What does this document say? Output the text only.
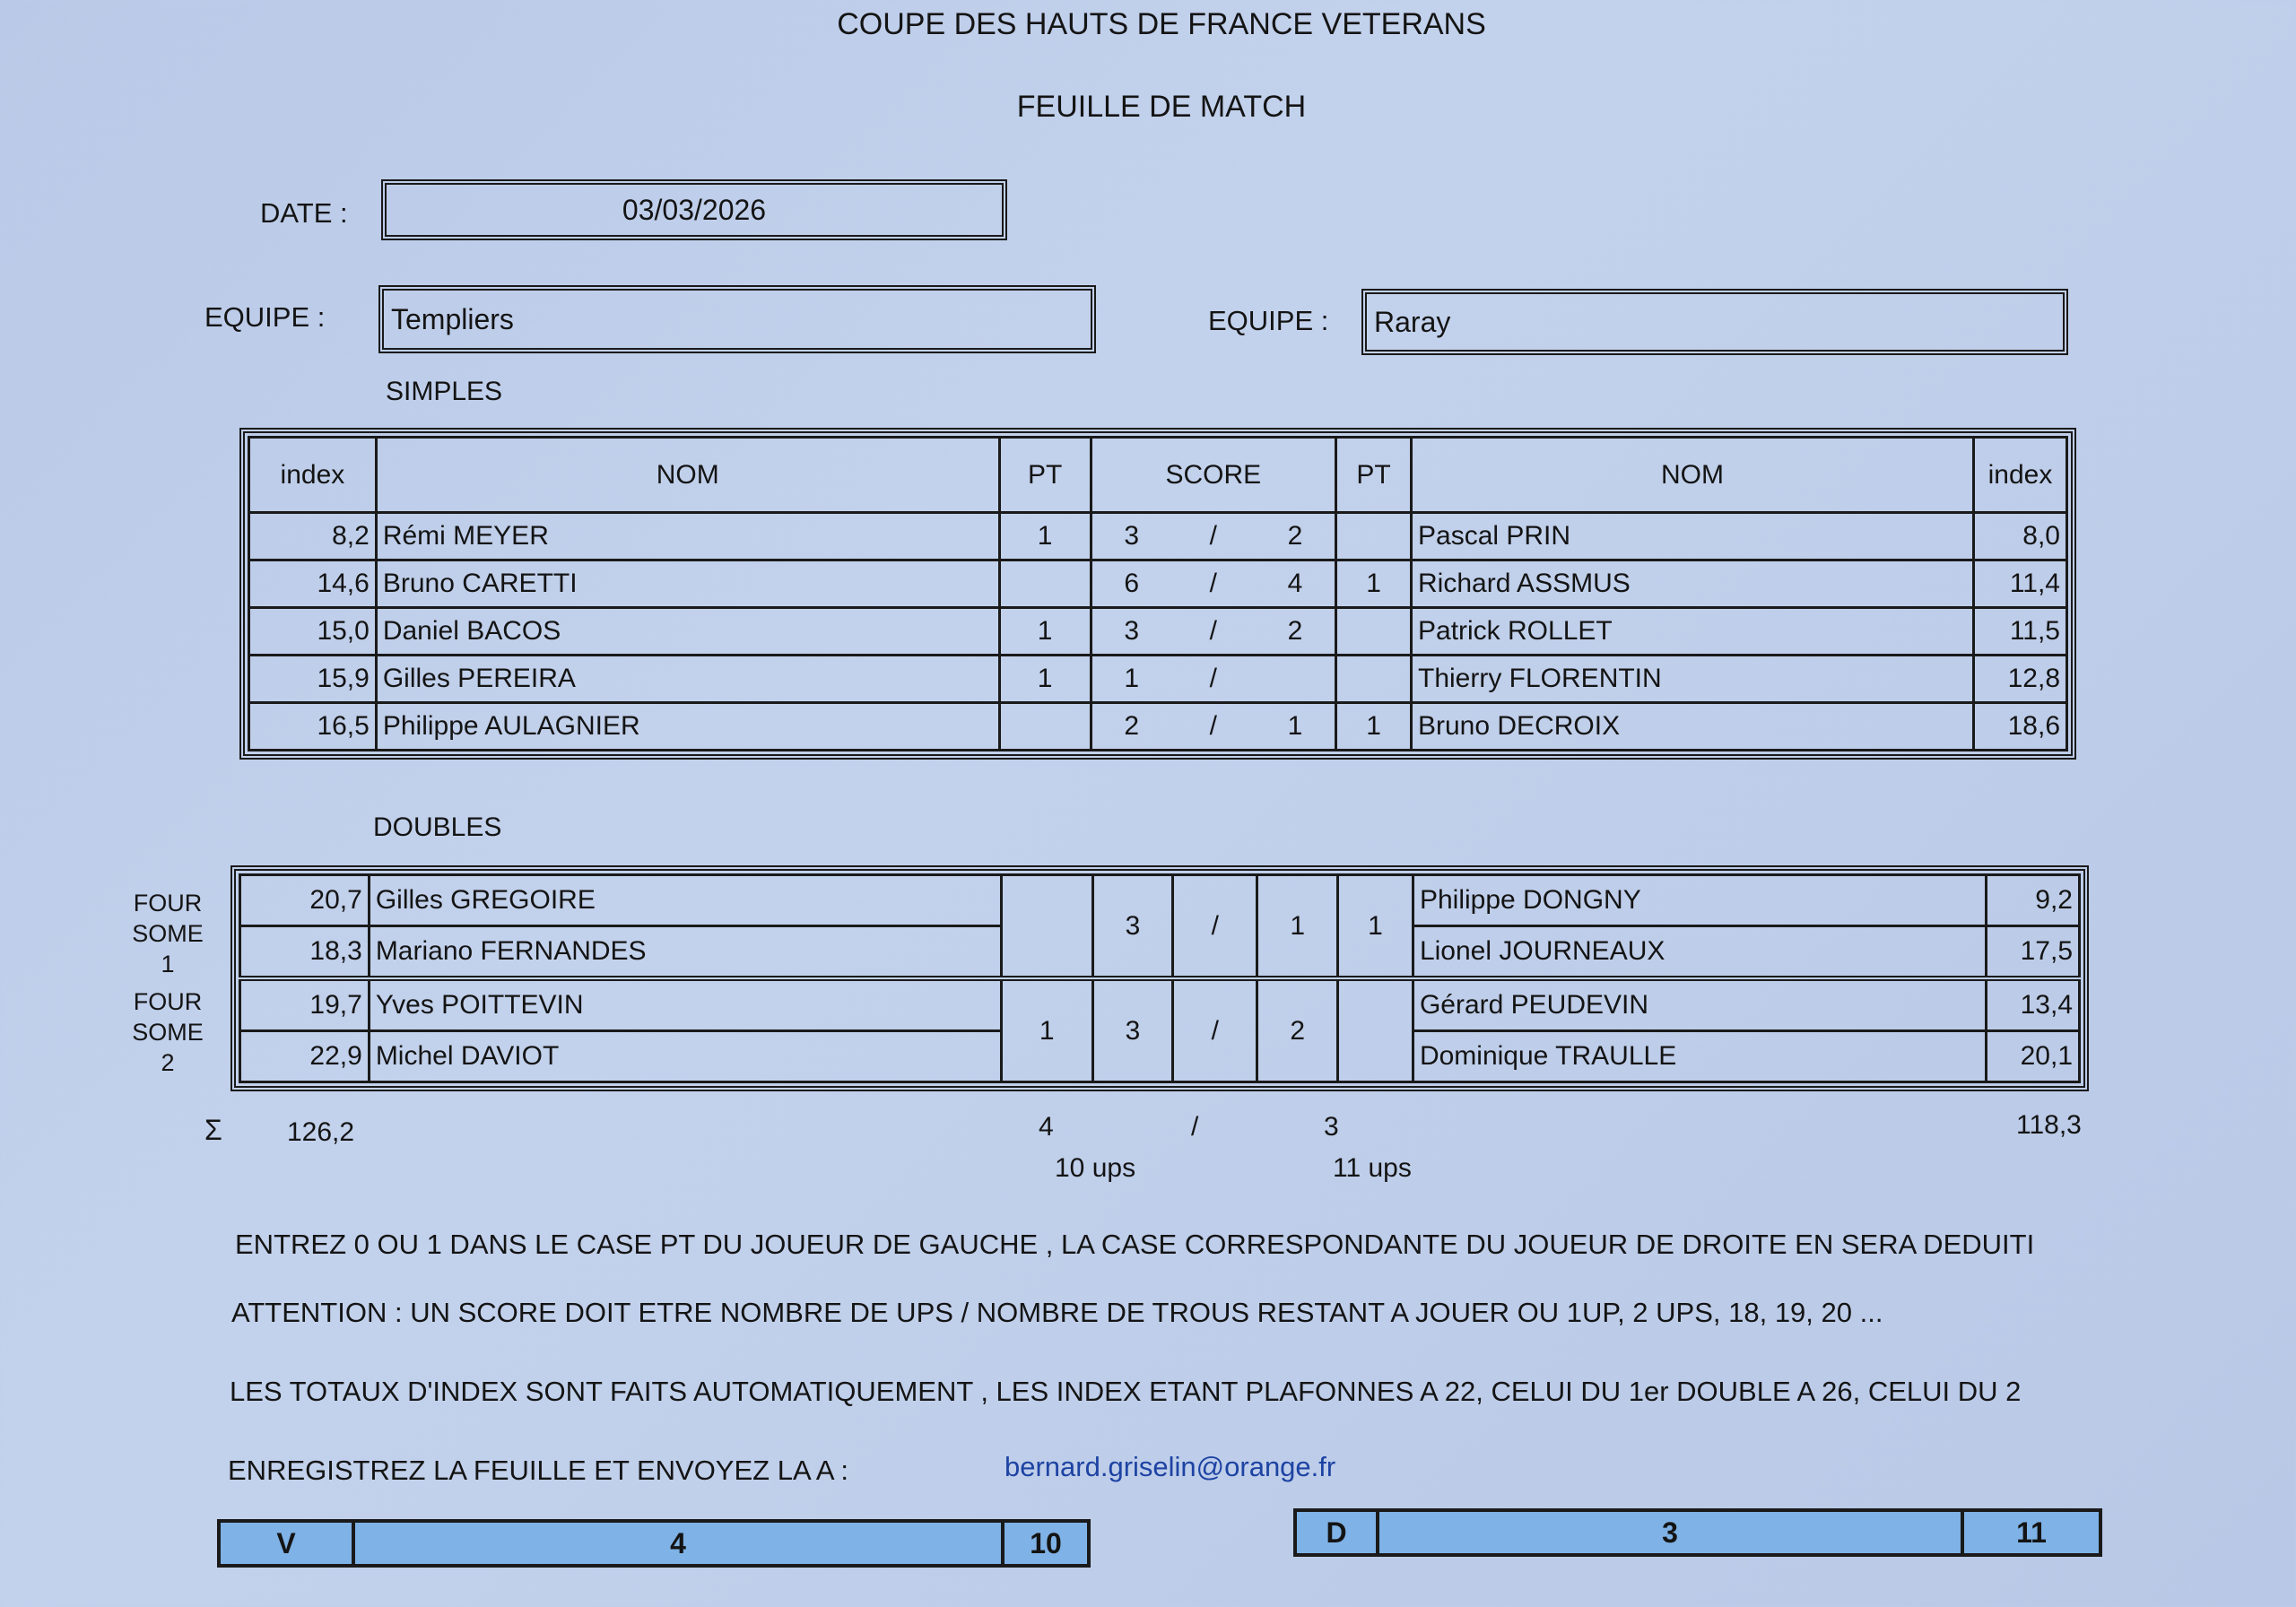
COUPE DES HAUTS DE FRANCE VETERANS
FEUILLE DE MATCH
DATE :	03/03/2026
EQUIPE :	Templiers	EQUIPE :	Raray
SIMPLES
index	NOM	PT	SCORE			PT	NOM	index
8,2	Rémi MEYER	1	3	/	2		Pascal PRIN	8,0
14,6	Bruno CARETTI		6	/	4	1	Richard ASSMUS	11,4
15,0	Daniel BACOS	1	3	/	2		Patrick ROLLET	11,5
15,9	Gilles PEREIRA	1	1	/			Thierry FLORENTIN	12,8
16,5	Philippe AULAGNIER		2	/	1	1	Bruno DECROIX	18,6
DOUBLES
FOUR
SOME 1
FOUR
SOME 2
20,7	Gilles GREGOIRE		3	/	1	1	Philippe DONGNY	9,2
18,3	Mariano FERNANDES						Lionel JOURNEAUX	17,5
19,7	Yves POITTEVIN	1	3	/	2		Gérard PEUDEVIN	13,4
22,9	Michel DAVIOT						Dominique TRAULLE	20,1
Σ 126,2	4	/	3	118,3
10 ups	11 ups
ENTREZ 0 OU 1 DANS LE CASE PT DU JOUEUR DE GAUCHE , LA CASE CORRESPONDANTE DU JOUEUR DE DROITE EN SERA DEDUITI
ATTENTION : UN SCORE DOIT ETRE NOMBRE DE UPS / NOMBRE DE TROUS RESTANT A JOUER OU 1UP, 2 UPS, 18, 19, 20 ...
LES TOTAUX D'INDEX SONT FAITS AUTOMATIQUEMENT , LES INDEX ETANT PLAFONNES A 22, CELUI DU 1er DOUBLE A 26, CELUI DU 2
ENREGISTREZ LA FEUILLE ET ENVOYEZ LA A :	bernard.griselin@orange.fr
V	4	10	D	3	11
